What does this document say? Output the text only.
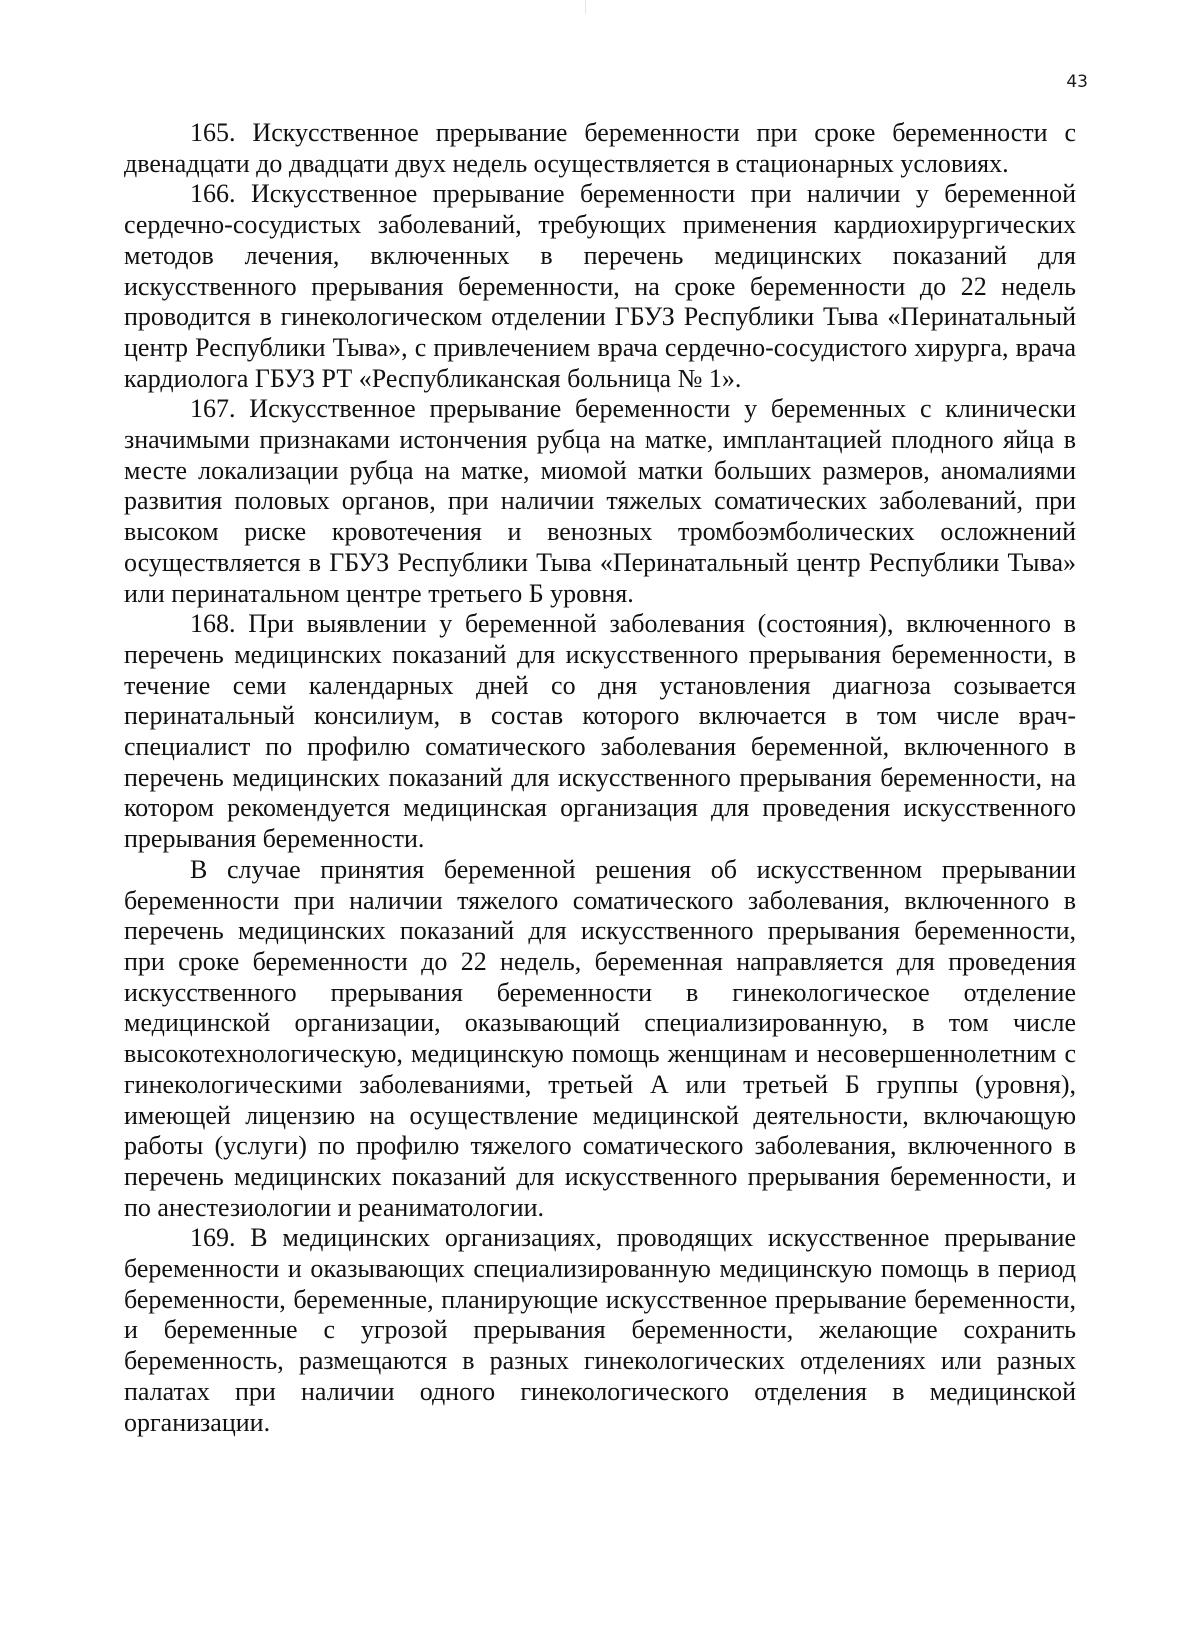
43

165. Искусственное прерывание беременности при сроке беременности с двенадцати до двадцати двух недель осуществляется в стационарных условиях.

166. Искусственное прерывание беременности при наличии у беременной сердечно-сосудистых заболеваний, требующих применения кардиохирургических методов лечения, включенных в перечень медицинских показаний для искусственного прерывания беременности, на сроке беременности до 22 недель проводится в гинекологическом отделении ГБУЗ Республики Тыва «Перинатальный центр Республики Тыва», с привлечением врача сердечно-сосудистого хирурга, врача кардиолога ГБУЗ РТ «Республиканская больница № 1».

167. Искусственное прерывание беременности у беременных с клинически значимыми признаками истончения рубца на матке, имплантацией плодного яйца в месте локализации рубца на матке, миомой матки больших размеров, аномалиями развития половых органов, при наличии тяжелых соматических заболеваний, при высоком риске кровотечения и венозных тромбоэмболических осложнений осуществляется в ГБУЗ Республики Тыва «Перинатальный центр Республики Тыва» или перинатальном центре третьего Б уровня.

168. При выявлении у беременной заболевания (состояния), включенного в перечень медицинских показаний для искусственного прерывания беременности, в течение семи календарных дней со дня установления диагноза созывается перинатальный консилиум, в состав которого включается в том числе врач-специалист по профилю соматического заболевания беременной, включенного в перечень медицинских показаний для искусственного прерывания беременности, на котором рекомендуется медицинская организация для проведения искусственного прерывания беременности.

В случае принятия беременной решения об искусственном прерывании беременности при наличии тяжелого соматического заболевания, включенного в перечень медицинских показаний для искусственного прерывания беременности, при сроке беременности до 22 недель, беременная направляется для проведения искусственного прерывания беременности в гинекологическое отделение медицинской организации, оказывающий специализированную, в том числе высокотехнологическую, медицинскую помощь женщинам и несовершеннолетним с гинекологическими заболеваниями, третьей А или третьей Б группы (уровня), имеющей лицензию на осуществление медицинской деятельности, включающую работы (услуги) по профилю тяжелого соматического заболевания, включенного в перечень медицинских показаний для искусственного прерывания беременности, и по анестезиологии и реаниматологии.

169. В медицинских организациях, проводящих искусственное прерывание беременности и оказывающих специализированную медицинскую помощь в период беременности, беременные, планирующие искусственное прерывание беременности, и беременные с угрозой прерывания беременности, желающие сохранить беременность, размещаются в разных гинекологических отделениях или разных палатах при наличии одного гинекологического отделения в медицинской организации.
